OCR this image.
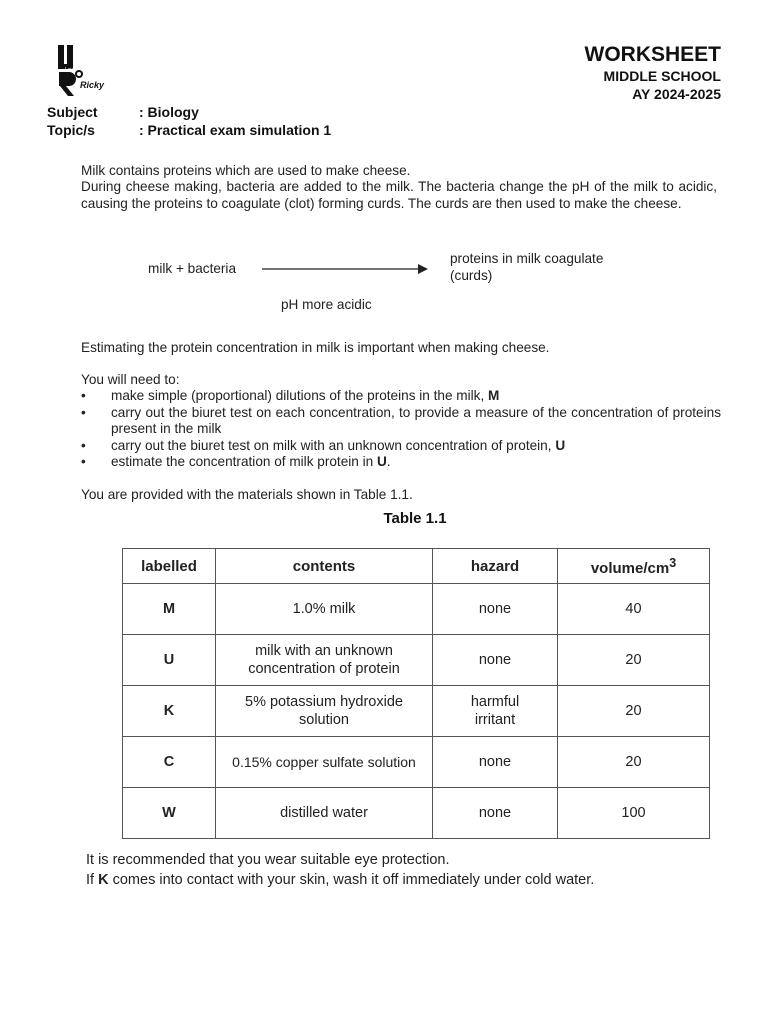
Lev
Ricky
WORKSHEET
MIDDLE SCHOOL
AY 2024-2025
Subject	: Biology
Topic/s	: Practical exam simulation 1
Milk contains proteins which are used to make cheese.
During cheese making, bacteria are added to the milk. The bacteria change the pH of the milk to acidic, causing the proteins to coagulate (clot) forming curds. The curds are then used to make the cheese.
milk + bacteria
proteins in milk coagulate
(curds)
pH more acidic
Estimating the protein concentration in milk is important when making cheese.
You will need to:
• make simple (proportional) dilutions of the proteins in the milk, M
• carry out the biuret test on each concentration, to provide a measure of the concentration of proteins present in the milk
• carry out the biuret test on milk with an unknown concentration of protein, U
• estimate the concentration of milk protein in U.
You are provided with the materials shown in Table 1.1.
Table 1.1
labelled	contents	hazard	volume/$cm^3$
M	1.0% milk	none	40
U	milk with an unknown concentration of protein	none	20
K	5% potassium hydroxide solution	harmful irritant	20
C	0.15% copper sulfate solution	none	20
W	distilled water	none	100
It is recommended that you wear suitable eye protection.
If K comes into contact with your skin, wash it off immediately under cold water.
